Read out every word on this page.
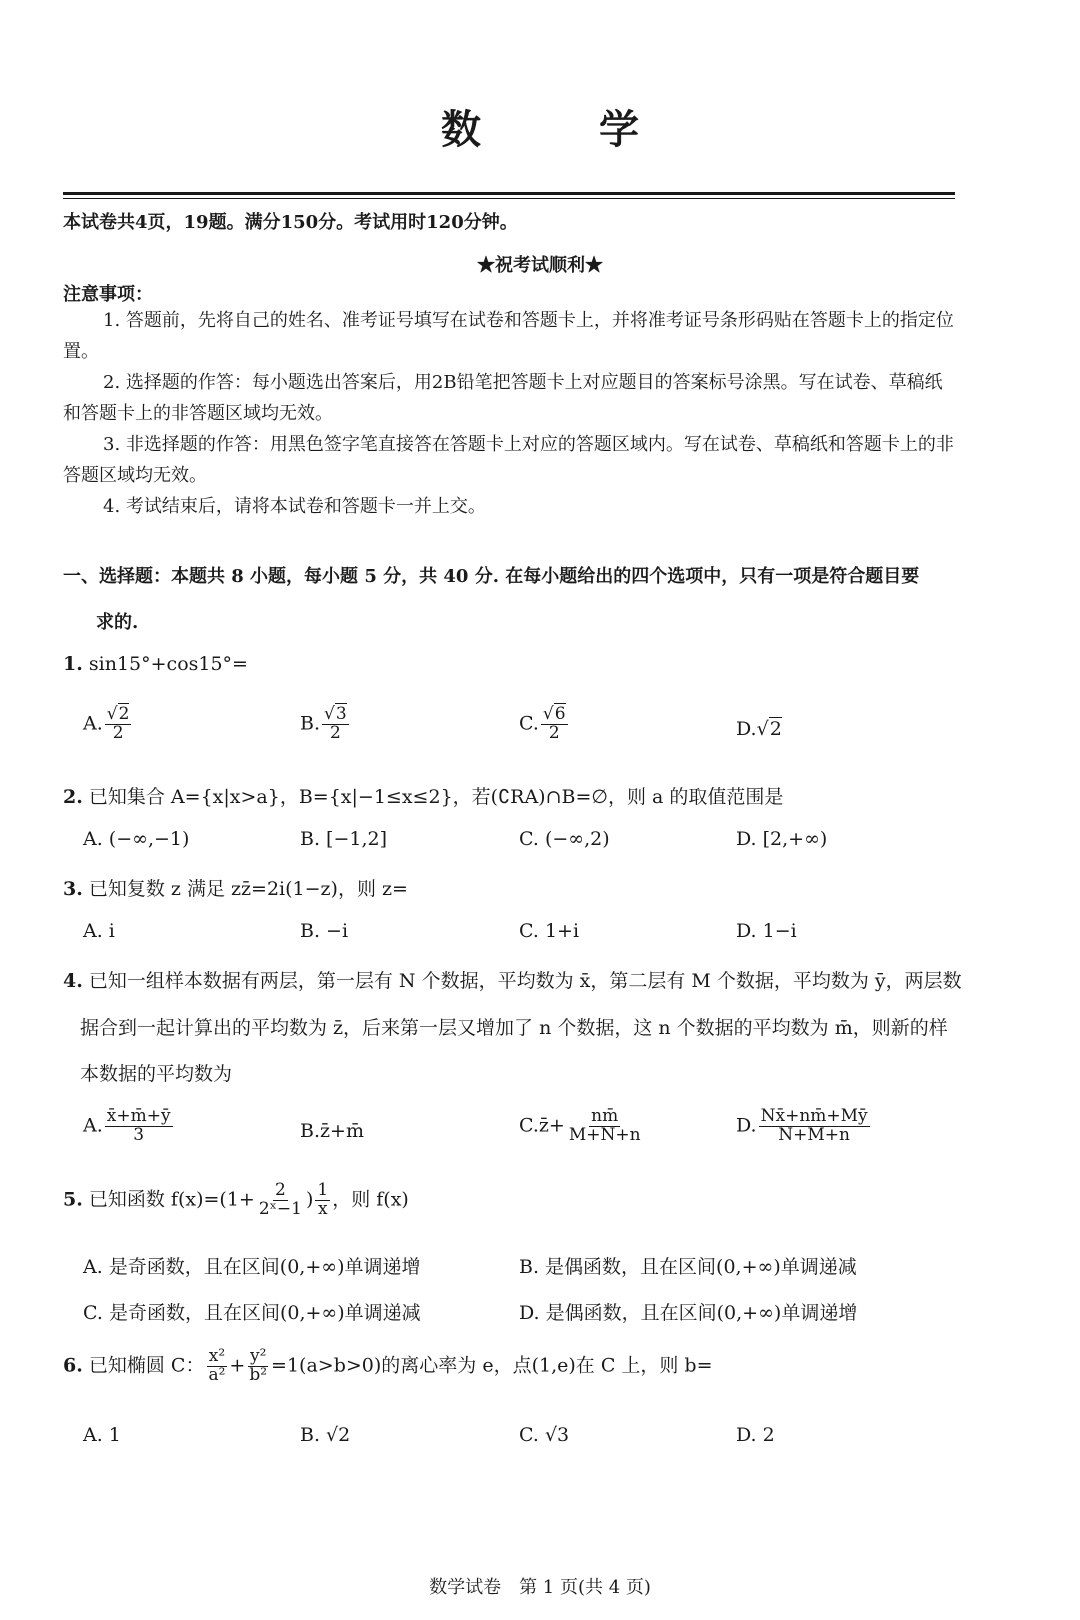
数 学
本试卷共4页，19题。满分150分。考试用时120分钟。
★祝考试顺利★
注意事项：
1. 答题前，先将自己的姓名、准考证号填写在试卷和答题卡上，并将准考证号条形码贴在答题卡上的指定位置。
2. 选择题的作答：每小题选出答案后，用2B铅笔把答题卡上对应题目的答案标号涂黑。写在试卷、草稿纸和答题卡上的非答题区域均无效。
3. 非选择题的作答：用黑色签字笔直接答在答题卡上对应的答题区域内。写在试卷、草稿纸和答题卡上的非答题区域均无效。
4. 考试结束后，请将本试卷和答题卡一并上交。
一、选择题：本题共 8 小题，每小题 5 分，共 40 分. 在每小题给出的四个选项中，只有一项是符合题目要
求的.
1. sin15°+cos15°=
A. $\frac{√2}{2}$	B. $\frac{√3}{2}$	C. $\frac{√6}{2}$	D.√2
2. 已知集合 A={x|x>a}，B={x|−1≤x≤2}，若(∁RA)∩B=∅，则 a 的取值范围是
A. (−∞,−1)	B. [−1,2]	C. (−∞,2)	D. [2,+∞)
3. 已知复数 z 满足 zz̄=2i(1−z)，则 z=
A. i	B. −i	C. 1+i	D. 1−i
4. 已知一组样本数据有两层，第一层有 N 个数据，平均数为 x̄，第二层有 M 个数据，平均数为 ȳ，两层数
据合到一起计算出的平均数为 z̄，后来第一层又增加了 n 个数据，这 n 个数据的平均数为 m̄，则新的样
本数据的平均数为
A. $\frac{x̄+m̄+ȳ}{3}$	B.z̄+m̄	C.z̄+ $\frac{nm̄}{M+N+n}$	D. $\frac{Nx̄+nm̄+Mȳ}{N+M+n}$
5. 已知函数 $f(x)=(1+ \frac{2}{\text{2ˣ−1}}$ ) $\frac{1}{x}$ ，则 f(x)
A. 是奇函数，且在区间(0,+∞)单调递增	B. 是偶函数，且在区间(0,+∞)单调递减
C. 是奇函数，且在区间(0,+∞)单调递减	D. 是偶函数，且在区间(0,+∞)单调递增
6. 已知椭圆 C： $\frac{\text{x²}}{\text{a²}} + \frac{\text{y²}}{\text{b²}} =1(a>b>0)$的离心率为 e，点(1,e)在 C 上，则 b=
A. 1	B. √2	C. √3	D. 2
数学试卷　第 1 页(共 4 页)
